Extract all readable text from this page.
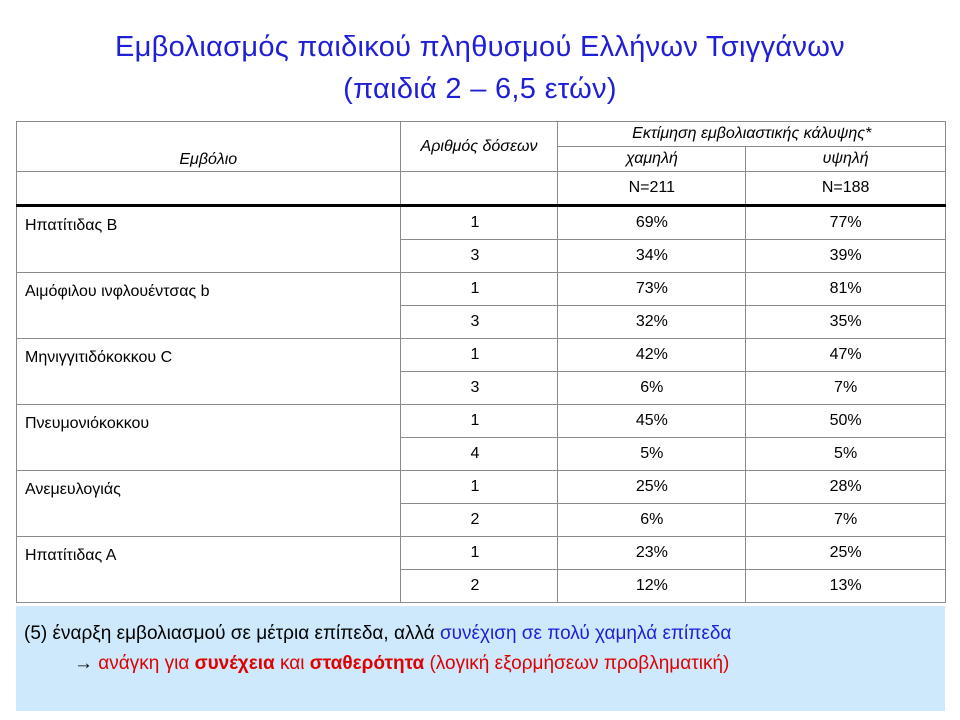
Εμβολιασμός παιδικού πληθυσμού Ελλήνων Τσιγγάνων
(παιδιά 2 – 6,5 ετών)
Εμβόλιο	Αριθμός δόσεων	Εκτίμηση εμβολιαστικής κάλυψης*	
		χαμηλή	υψηλή
		N=211	N=188
Ηπατίτιδας Β	1	69%	77%
	3	34%	39%
Αιμόφιλου ινφλουέντσας b	1	73%	81%
	3	32%	35%
Μηνιγγιτιδόκοκκου C	1	42%	47%
	3	6%	7%
Πνευμονιόκοκκου	1	45%	50%
	4	5%	5%
Ανεμευλογιάς	1	25%	28%
	2	6%	7%
Ηπατίτιδας Α	1	23%	25%
	2	12%	13%
(5) έναρξη εμβολιασμού σε μέτρια επίπεδα, αλλά συνέχιση σε πολύ χαμηλά επίπεδα
→ ανάγκη για συνέχεια και σταθερότητα (λογική εξορμήσεων προβληματική)
